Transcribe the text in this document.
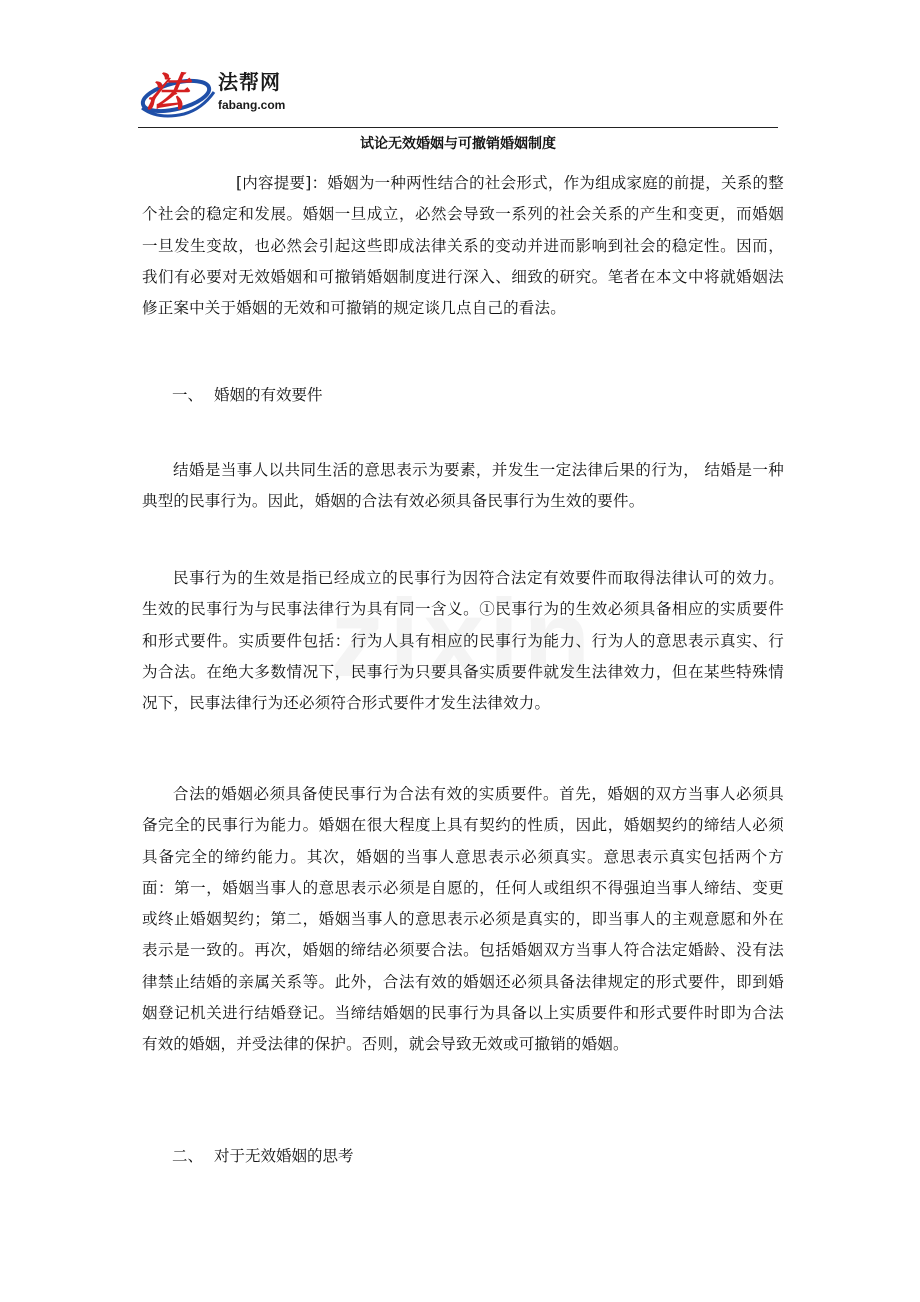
法 法帮网
fabang.com
试论无效婚姻与可撤销婚姻制度

[内容提要]：婚姻为一种两性结合的社会形式，作为组成家庭的前提，关系的整个社会的稳定和发展。婚姻一旦成立，必然会导致一系列的社会关系的产生和变更，而婚姻一旦发生变故，也必然会引起这些即成法律关系的变动并进而影响到社会的稳定性。因而，我们有必要对无效婚姻和可撤销婚姻制度进行深入、细致的研究。笔者在本文中将就婚姻法修正案中关于婚姻的无效和可撤销的规定谈几点自己的看法。

一、 婚姻的有效要件

结婚是当事人以共同生活的意思表示为要素，并发生一定法律后果的行为， 结婚是一种典型的民事行为。因此，婚姻的合法有效必须具备民事行为生效的要件。

民事行为的生效是指已经成立的民事行为因符合法定有效要件而取得法律认可的效力。生效的民事行为与民事法律行为具有同一含义。①民事行为的生效必须具备相应的实质要件和形式要件。实质要件包括：行为人具有相应的民事行为能力、行为人的意思表示真实、行为合法。在绝大多数情况下，民事行为只要具备实质要件就发生法律效力，但在某些特殊情况下，民事法律行为还必须符合形式要件才发生法律效力。

合法的婚姻必须具备使民事行为合法有效的实质要件。首先，婚姻的双方当事人必须具备完全的民事行为能力。婚姻在很大程度上具有契约的性质，因此，婚姻契约的缔结人必须具备完全的缔约能力。其次，婚姻的当事人意思表示必须真实。意思表示真实包括两个方面：第一，婚姻当事人的意思表示必须是自愿的，任何人或组织不得强迫当事人缔结、变更或终止婚姻契约；第二，婚姻当事人的意思表示必须是真实的，即当事人的主观意愿和外在表示是一致的。再次，婚姻的缔结必须要合法。包括婚姻双方当事人符合法定婚龄、没有法律禁止结婚的亲属关系等。此外，合法有效的婚姻还必须具备法律规定的形式要件，即到婚姻登记机关进行结婚登记。当缔结婚姻的民事行为具备以上实质要件和形式要件时即为合法有效的婚姻，并受法律的保护。否则，就会导致无效或可撤销的婚姻。

二、 对于无效婚姻的思考
